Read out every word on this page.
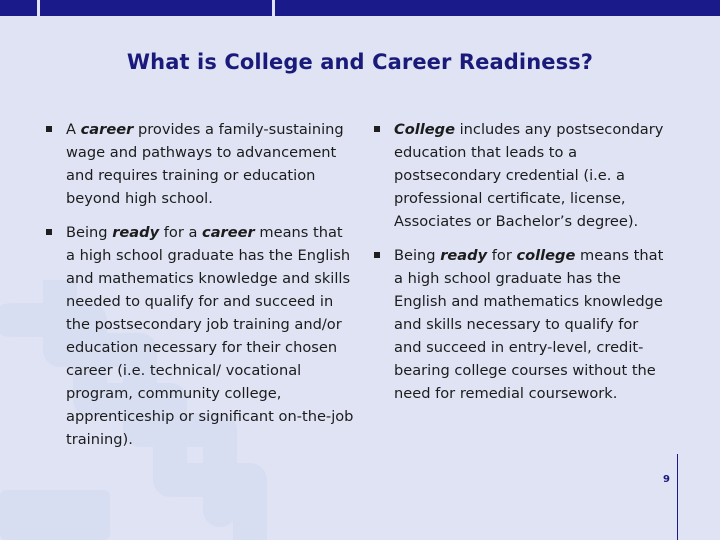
What is College and Career Readiness?
A career provides a family-sustaining wage and pathways to advancement and requires training or education beyond high school.
Being ready for a career means that a high school graduate has the English and mathematics knowledge and skills needed to qualify for and succeed in the postsecondary job training and/or education necessary for their chosen career (i.e. technical/ vocational program, community college, apprenticeship or significant on-the-job training).
College includes any postsecondary education that leads to a postsecondary credential (i.e. a professional certificate, license, Associates or Bachelor’s degree).
Being ready for college means that a high school graduate has the English and mathematics knowledge and skills necessary to qualify for and succeed in entry-level, credit-bearing college courses without the need for remedial coursework.
9
